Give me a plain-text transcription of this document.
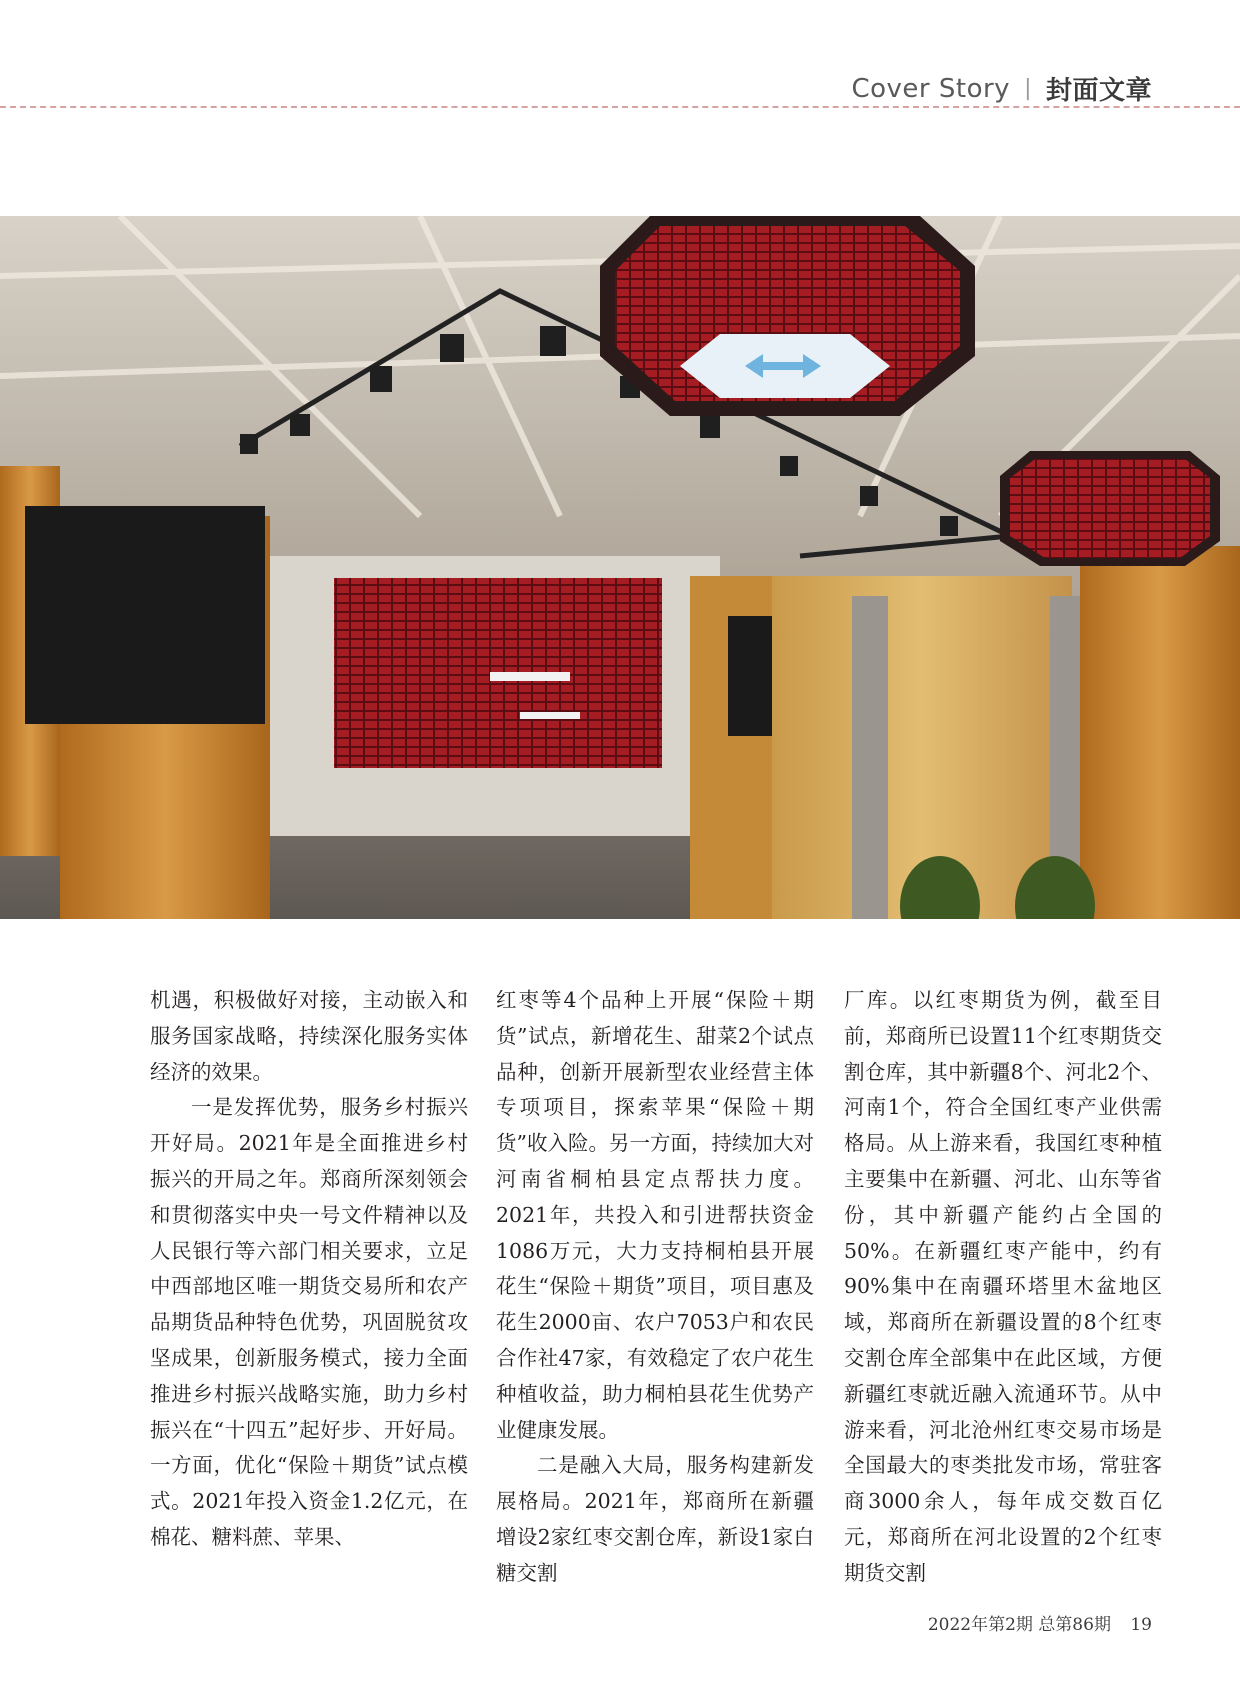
Cover Story | 封面文章

机遇，积极做好对接，主动嵌入和服务国家战略，持续深化服务实体经济的效果。

一是发挥优势，服务乡村振兴开好局。2021年是全面推进乡村振兴的开局之年。郑商所深刻领会和贯彻落实中央一号文件精神以及人民银行等六部门相关要求，立足中西部地区唯一期货交易所和农产品期货品种特色优势，巩固脱贫攻坚成果，创新服务模式，接力全面推进乡村振兴战略实施，助力乡村振兴在“十四五”起好步、开好局。一方面，优化“保险＋期货”试点模式。2021年投入资金1.2亿元，在棉花、糖料蔗、苹果、

红枣等4个品种上开展“保险＋期货”试点，新增花生、甜菜2个试点品种，创新开展新型农业经营主体专项项目，探索苹果“保险＋期货”收入险。另一方面，持续加大对河南省桐柏县定点帮扶力度。2021年，共投入和引进帮扶资金1086万元，大力支持桐柏县开展花生“保险＋期货”项目，项目惠及花生2000亩、农户7053户和农民合作社47家，有效稳定了农户花生种植收益，助力桐柏县花生优势产业健康发展。

二是融入大局，服务构建新发展格局。2021年，郑商所在新疆增设2家红枣交割仓库，新设1家白糖交割

厂库。以红枣期货为例，截至目前，郑商所已设置11个红枣期货交割仓库，其中新疆8个、河北2个、河南1个，符合全国红枣产业供需格局。从上游来看，我国红枣种植主要集中在新疆、河北、山东等省份，其中新疆产能约占全国的50%。在新疆红枣产能中，约有90%集中在南疆环塔里木盆地区域，郑商所在新疆设置的8个红枣交割仓库全部集中在此区域，方便新疆红枣就近融入流通环节。从中游来看，河北沧州红枣交易市场是全国最大的枣类批发市场，常驻客商3000余人，每年成交数百亿元，郑商所在河北设置的2个红枣期货交割

2022年第2期 总第86期 19
